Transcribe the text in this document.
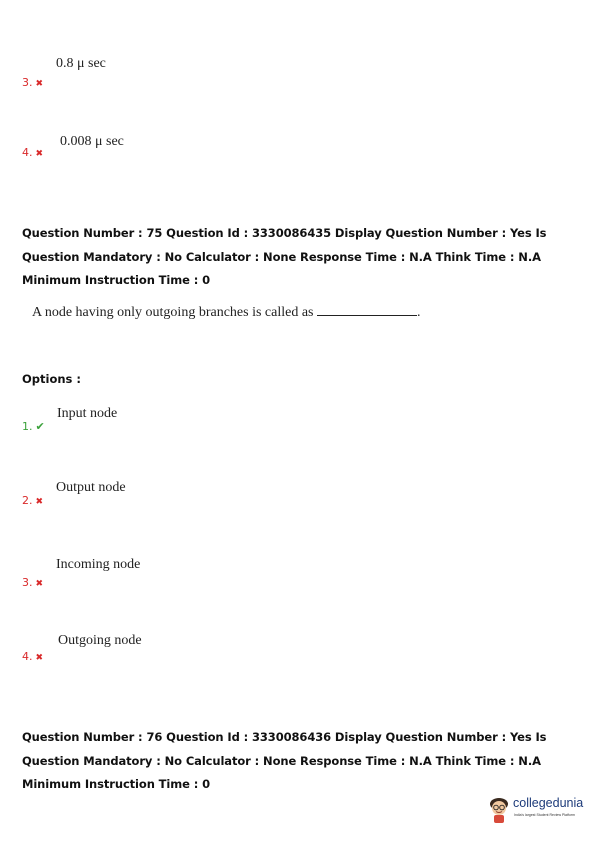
0.8 μ sec
3. ✖
0.008 μ sec
4. ✖
Question Number : 75 Question Id : 3330086435 Display Question Number : Yes Is Question Mandatory : No Calculator : None Response Time : N.A Think Time : N.A Minimum Instruction Time : 0
A node having only outgoing branches is called as	.
Options :
Input node
1. ✔
Output node
2. ✖
Incoming node
3. ✖
Outgoing node
4. ✖
Question Number : 76 Question Id : 3330086436 Display Question Number : Yes Is Question Mandatory : No Calculator : None Response Time : N.A Think Time : N.A Minimum Instruction Time : 0
collegedunia
India's largest Student Review Platform
